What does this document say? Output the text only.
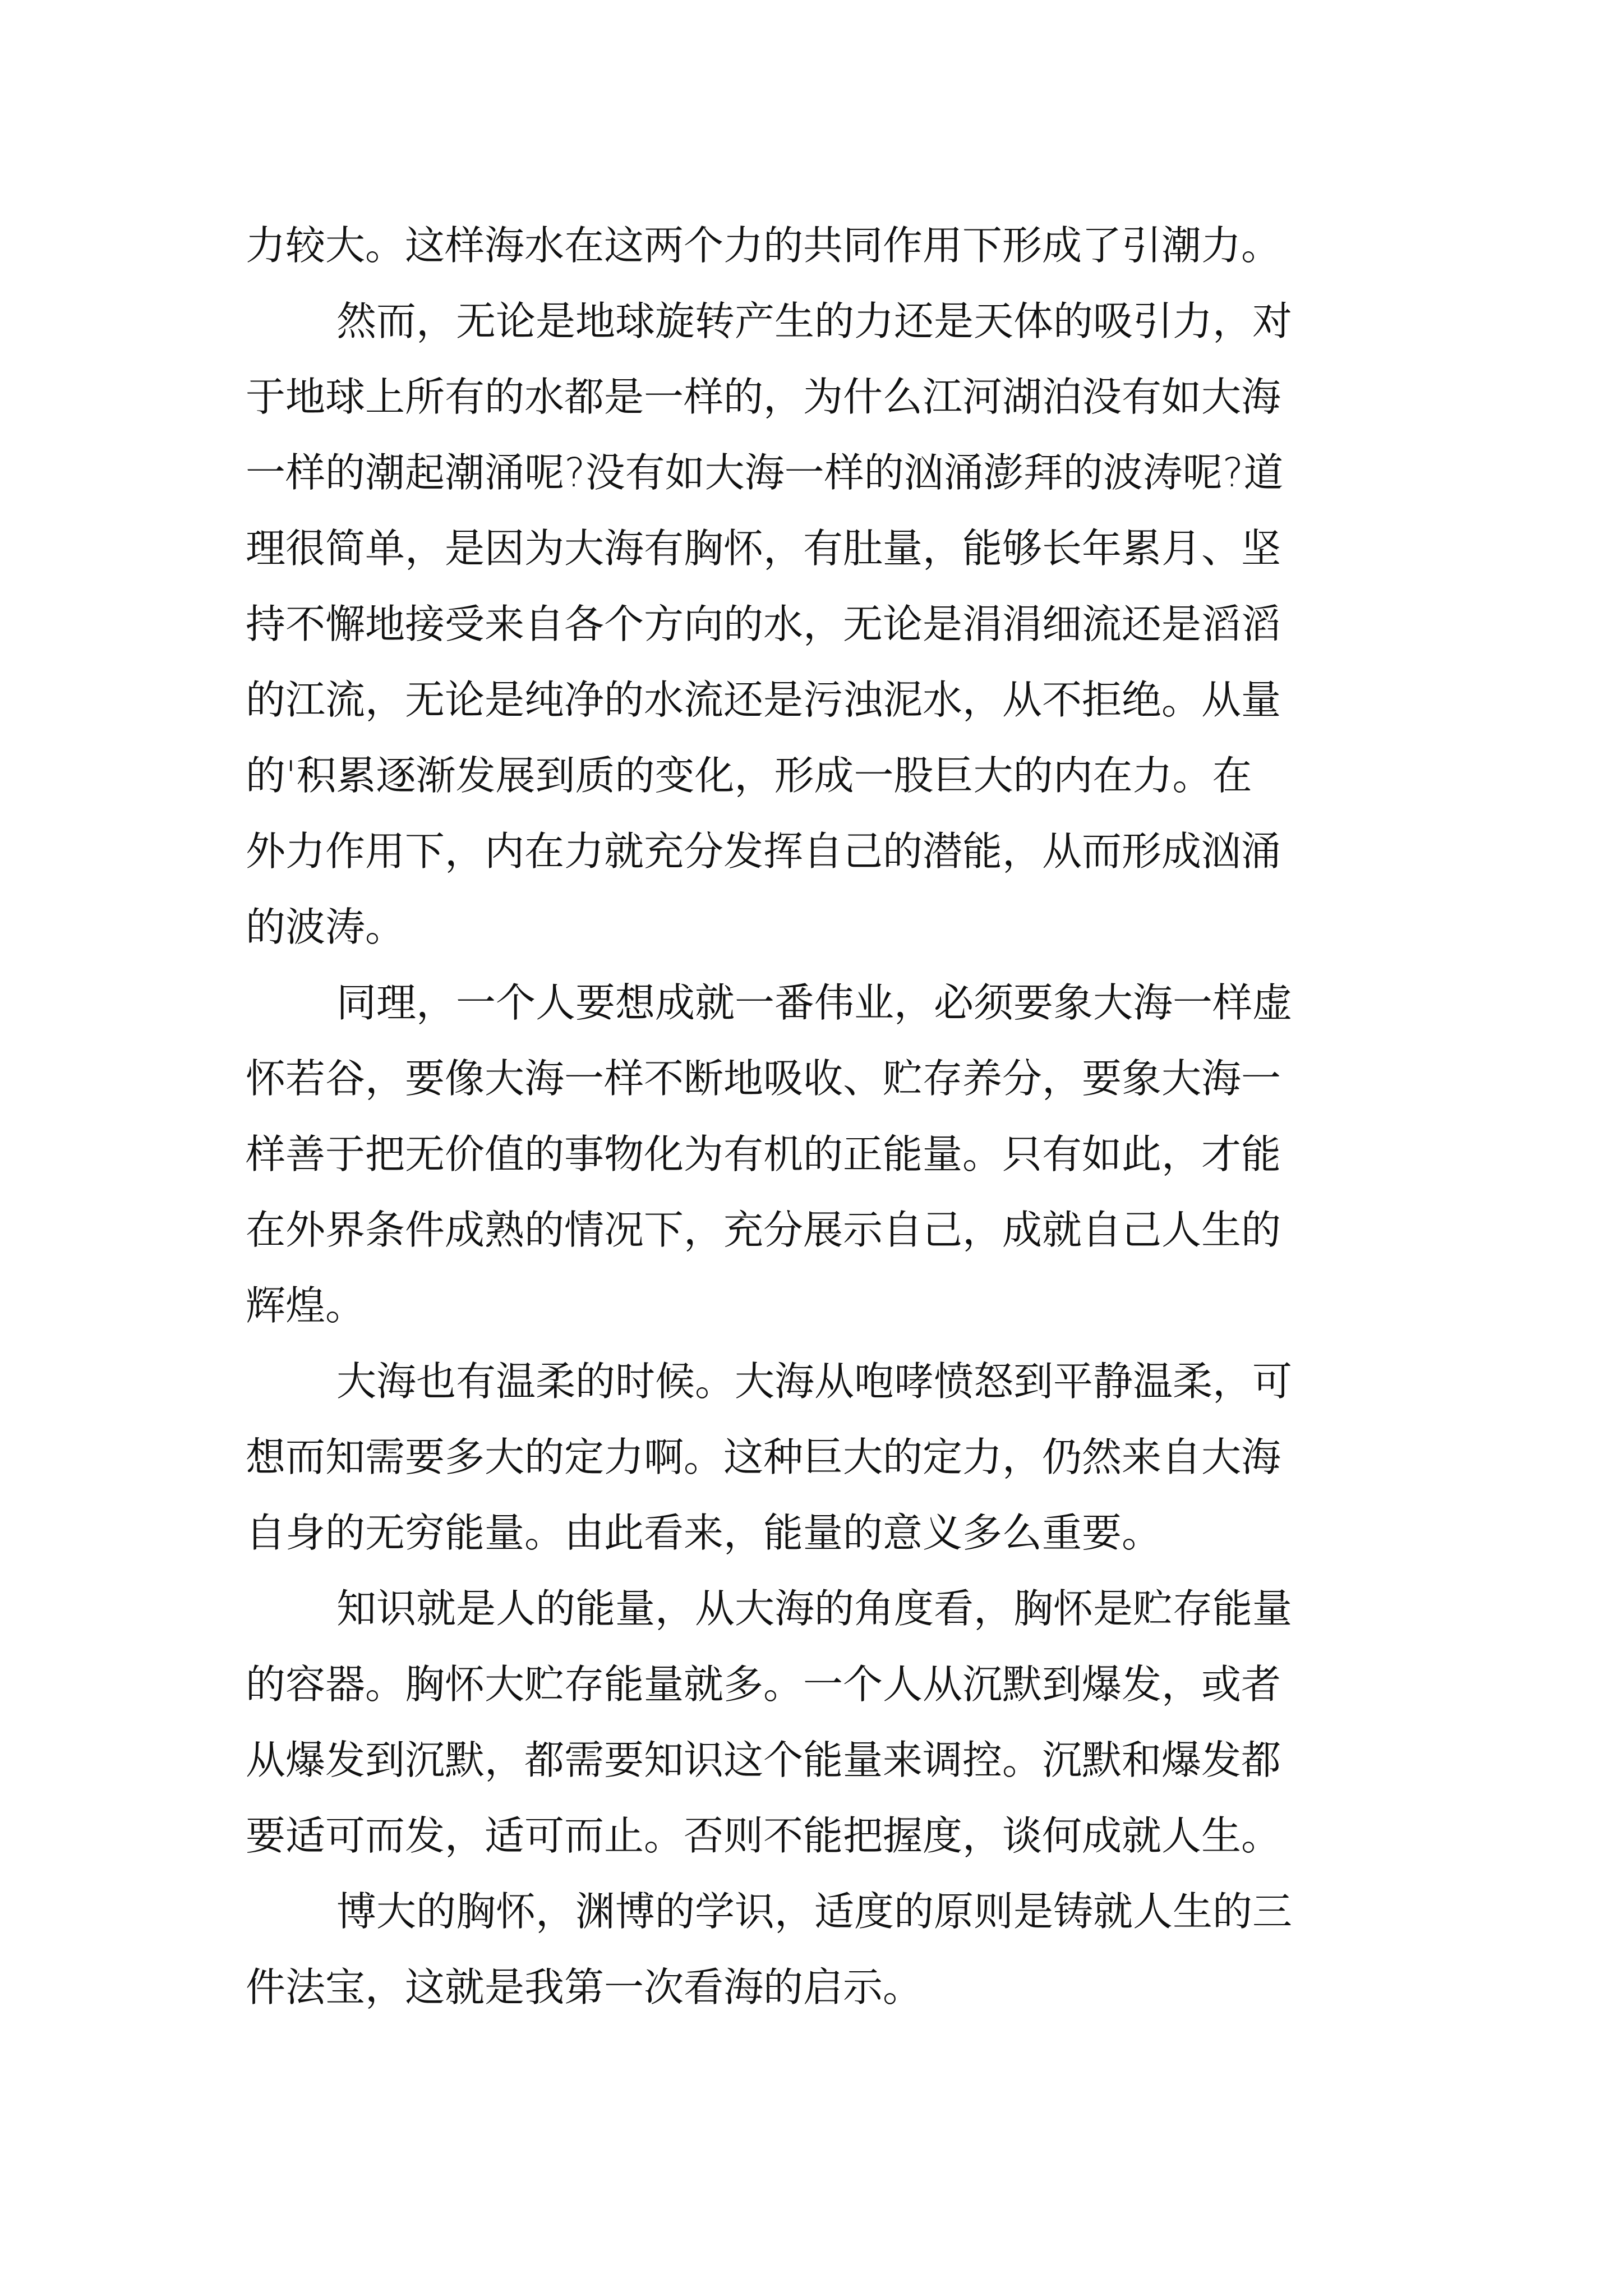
力较大。这样海水在这两个力的共同作用下形成了引潮力。
然而，无论是地球旋转产生的力还是天体的吸引力，对
于地球上所有的水都是一样的，为什么江河湖泊没有如大海
一样的潮起潮涌呢?没有如大海一样的汹涌澎拜的波涛呢?道
理很简单，是因为大海有胸怀，有肚量，能够长年累月、坚
持不懈地接受来自各个方向的水，无论是涓涓细流还是滔滔
的江流，无论是纯净的水流还是污浊泥水，从不拒绝。从量
的'积累逐渐发展到质的变化，形成一股巨大的内在力。在
外力作用下，内在力就充分发挥自己的潜能，从而形成汹涌
的波涛。
同理，一个人要想成就一番伟业，必须要象大海一样虚
怀若谷，要像大海一样不断地吸收、贮存养分，要象大海一
样善于把无价值的事物化为有机的正能量。只有如此，才能
在外界条件成熟的情况下，充分展示自己，成就自己人生的
辉煌。
大海也有温柔的时候。大海从咆哮愤怒到平静温柔，可
想而知需要多大的定力啊。这种巨大的定力，仍然来自大海
自身的无穷能量。由此看来，能量的意义多么重要。
知识就是人的能量，从大海的角度看，胸怀是贮存能量
的容器。胸怀大贮存能量就多。一个人从沉默到爆发，或者
从爆发到沉默，都需要知识这个能量来调控。沉默和爆发都
要适可而发，适可而止。否则不能把握度，谈何成就人生。
博大的胸怀，渊博的学识，适度的原则是铸就人生的三
件法宝，这就是我第一次看海的启示。
